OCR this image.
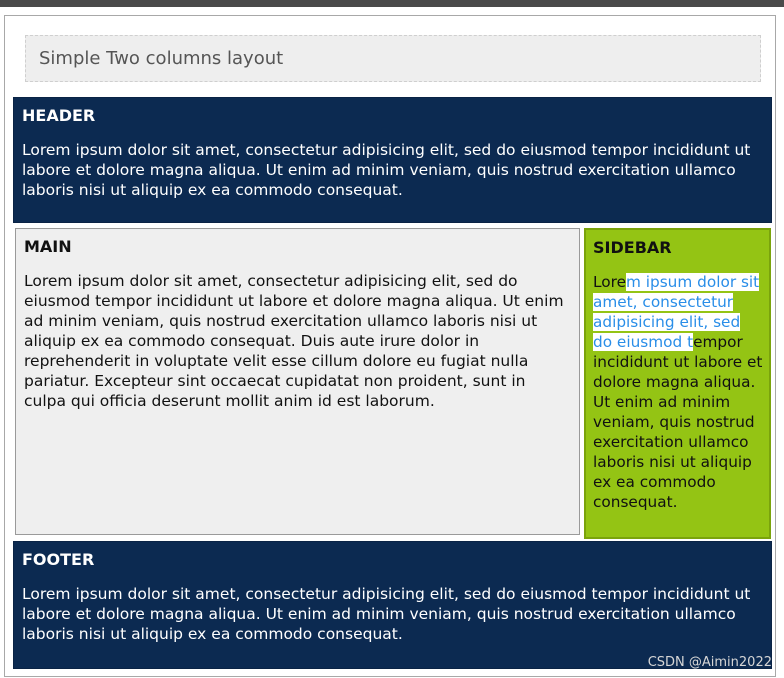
Simple Two columns layout
HEADER

Lorem ipsum dolor sit amet, consectetur adipisicing elit, sed do eiusmod tempor incididunt ut labore et dolore magna aliqua. Ut enim ad minim veniam, quis nostrud exercitation ullamco laboris nisi ut aliquip ex ea commodo consequat.

MAIN

Lorem ipsum dolor sit amet, consectetur adipisicing elit, sed do eiusmod tempor incididunt ut labore et dolore magna aliqua. Ut enim ad minim veniam, quis nostrud exercitation ullamco laboris nisi ut aliquip ex ea commodo consequat. Duis aute irure dolor in reprehenderit in voluptate velit esse cillum dolore eu fugiat nulla pariatur. Excepteur sint occaecat cupidatat non proident, sunt in culpa qui officia deserunt mollit anim id est laborum.

SIDEBAR

Lorem ipsum dolor sit amet, consectetur adipisicing elit, sed do eiusmod tempor incididunt ut labore et dolore magna aliqua. Ut enim ad minim veniam, quis nostrud exercitation ullamco laboris nisi ut aliquip ex ea commodo consequat.

FOOTER

Lorem ipsum dolor sit amet, consectetur adipisicing elit, sed do eiusmod tempor incididunt ut labore et dolore magna aliqua. Ut enim ad minim veniam, quis nostrud exercitation ullamco laboris nisi ut aliquip ex ea commodo consequat.

CSDN @Aimin2022
